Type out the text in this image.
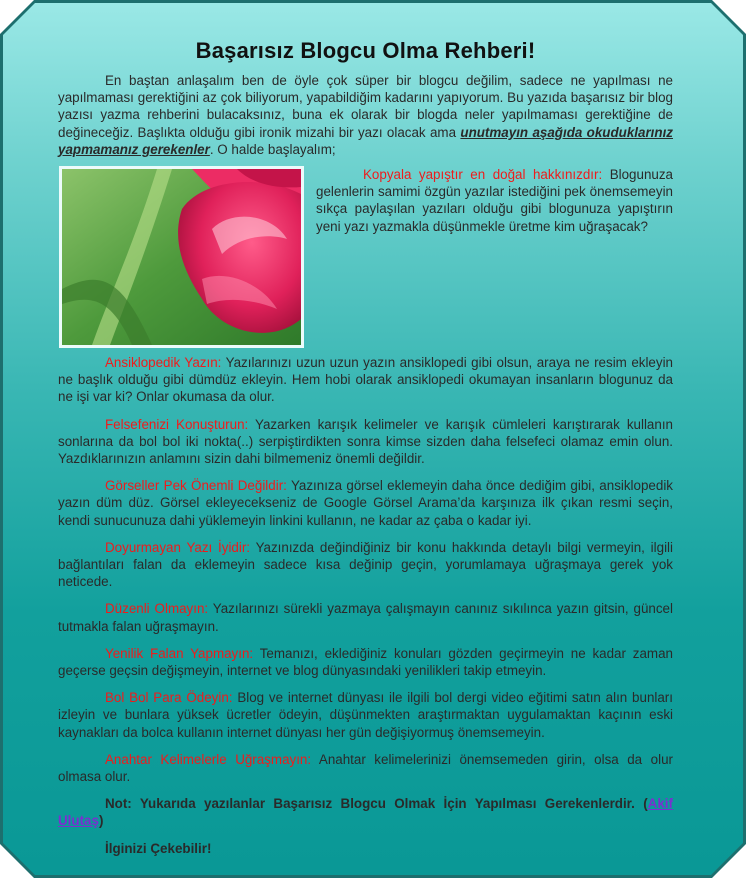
Başarısız Blogcu Olma Rehberi!

En baştan anlaşalım ben de öyle çok süper bir blogcu değilim, sadece ne yapılması ne yapılmaması gerektiğini az çok biliyorum, yapabildiğim kadarını yapıyorum. Bu yazıda başarısız bir blog yazısı yazma rehberini bulacaksınız, buna ek olarak bir blogda neler yapılmaması gerektiğine de değineceğiz. Başlıkta olduğu gibi ironik mizahi bir yazı olacak ama unutmayın aşağıda okuduklarınız yapmamanız gerekenler. O halde başlayalım;

Kopyala yapıştır en doğal hakkınızdır: Blogunuza gelenlerin samimi özgün yazılar istediğini pek önemsemeyin sıkça paylaşılan yazıları olduğu gibi blogunuza yapıştırın yeni yazı yazmakla düşünmekle üretme kim uğraşacak?

Ansiklopedik Yazın: Yazılarınızı uzun uzun yazın ansiklopedi gibi olsun, araya ne resim ekleyin ne başlık olduğu gibi dümdüz ekleyin. Hem hobi olarak ansiklopedi okumayan insanların blogunuz da ne işi var ki? Onlar okumasa da olur.

Felsefenizi Konuşturun: Yazarken karışık kelimeler ve karışık cümleleri karıştırarak kullanın sonlarına da bol bol iki nokta(..) serpiştirdikten sonra kimse sizden daha felsefeci olamaz emin olun. Yazdıklarınızın anlamını sizin dahi bilmemeniz önemli değildir.

Görseller Pek Önemli Değildir: Yazınıza görsel eklemeyin daha önce dediğim gibi, ansiklopedik yazın düm düz. Görsel ekleyecekseniz de Google Görsel Arama’da karşınıza ilk çıkan resmi seçin, kendi sunucunuza dahi yüklemeyin linkini kullanın, ne kadar az çaba o kadar iyi.

Doyurmayan Yazı İyidir: Yazınızda değindiğiniz bir konu hakkında detaylı bilgi vermeyin, ilgili bağlantıları falan da eklemeyin sadece kısa değinip geçin, yorumlamaya uğraşmaya gerek yok neticede.

Düzenli Olmayın: Yazılarınızı sürekli yazmaya çalışmayın canınız sıkılınca yazın gitsin, güncel tutmakla falan uğraşmayın.

Yenilik Falan Yapmayın: Temanızı, eklediğiniz konuları gözden geçirmeyin ne kadar zaman geçerse geçsin değişmeyin, internet ve blog dünyasındaki yenilikleri takip etmeyin.

Bol Bol Para Ödeyin: Blog ve internet dünyası ile ilgili bol dergi video eğitimi satın alın bunları izleyin ve bunlara yüksek ücretler ödeyin, düşünmekten araştırmaktan uygulamaktan kaçının eski kaynakları da bolca kullanın internet dünyası her gün değişiyormuş önemsemeyin.

Anahtar Kelimelerle Uğraşmayın: Anahtar kelimelerinizi önemsemeden girin, olsa da olur olmasa olur.

Not: Yukarıda yazılanlar Başarısız Blogcu Olmak İçin Yapılması Gerekenlerdir. (Akif Ulutaş)

İlginizi Çekebilir!
